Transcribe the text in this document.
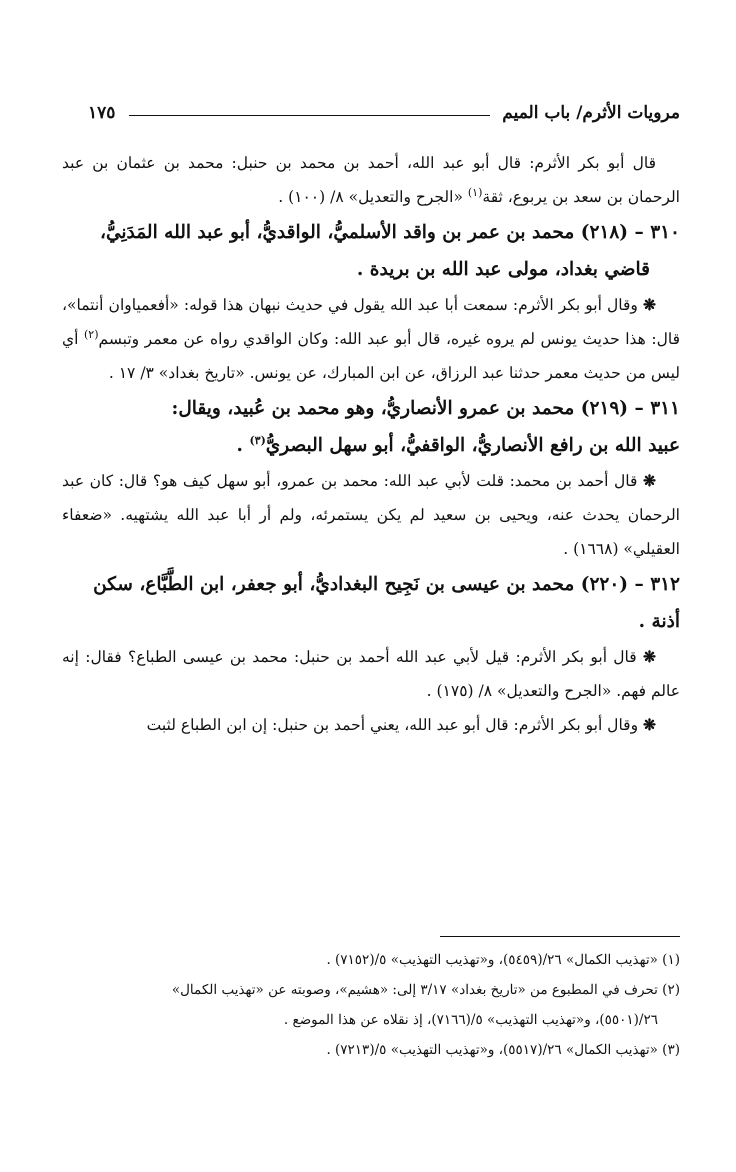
مرويات الأثرم/ باب الميم
١٧٥

قال أبو بكر الأثرم: قال أبو عبد الله، أحمد بن محمد بن حنبل: محمد بن عثمان بن عبد الرحمان بن سعد بن يربوع، ثقة$^{(١)}$ «الجرح والتعديل» ٨/ (١٠٠) .

٣١٠ – (٢١٨) محمد بن عمر بن واقد الأسلميُّ، الواقديُّ، أبو عبد الله المَدَنِيُّ،
قاضي بغداد، مولى عبد الله بن بريدة .

❋ وقال أبو بكر الأثرم: سمعت أبا عبد الله يقول في حديث نبهان هذا قوله: «أفعمياوان أنتما»، قال: هذا حديث يونس لم يروه غيره، قال أبو عبد الله: وكان الواقدي رواه عن معمر وتبسم$^{(٢)}$ أي ليس من حديث معمر حدثنا عبد الرزاق، عن ابن المبارك، عن يونس. «تاريخ بغداد» ٣/ ١٧ .

٣١١ – (٢١٩) محمد بن عمرو الأنصاريُّ، وهو محمد بن عُبيد، ويقال:
عبيد الله بن رافع الأنصاريُّ، الواقفيُّ، أبو سهل البصريُّ$^{(٣)}$ .

❋ قال أحمد بن محمد: قلت لأبي عبد الله: محمد بن عمرو، أبو سهل كيف هو؟ قال: كان عبد الرحمان يحدث عنه، ويحيى بن سعيد لم يكن يستمرئه، ولم أر أبا عبد الله يشتهيه. «ضعفاء العقيلي» (١٦٦٨) .

٣١٢ – (٢٢٠) محمد بن عيسى بن نَجِيح البغداديُّ، أبو جعفر، ابن الطَّبَّاع، سكن
أذنة .

❋ قال أبو بكر الأثرم: قيل لأبي عبد الله أحمد بن حنبل: محمد بن عيسى الطباع؟ فقال: إنه عالم فهم. «الجرح والتعديل» ٨/ (١٧٥) .

❋ وقال أبو بكر الأثرم: قال أبو عبد الله، يعني أحمد بن حنبل: إن ابن الطباع لثبت

(١) «تهذيب الكمال» ٢٦/(٥٤٥٩)، و«تهذيب التهذيب» ٥/(٧١٥٢) .

(٢) تحرف في المطبوع من «تاريخ بغداد» ٣/١٧ إلى: «هشيم»، وصوبته عن «تهذيب الكمال»
٢٦/(٥٥٠١)، و«تهذيب التهذيب» ٥/(٧١٦٦)، إذ نقلاه عن هذا الموضع .

(٣) «تهذيب الكمال» ٢٦/(٥٥١٧)، و«تهذيب التهذيب» ٥/(٧٢١٣) .
